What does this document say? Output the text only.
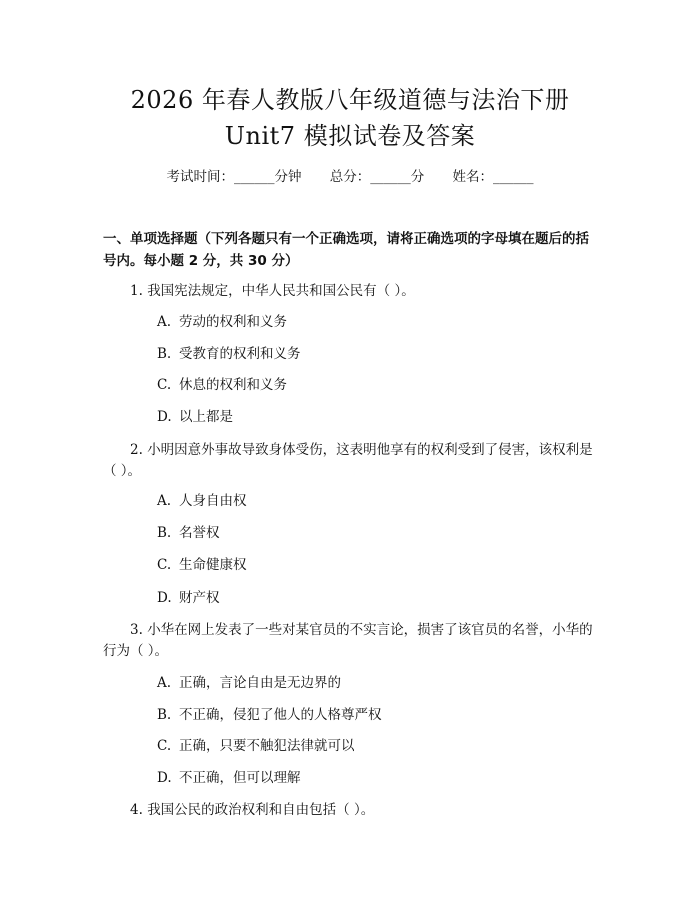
2026 年春人教版八年级道德与法治下册
Unit7 模拟试卷及答案
考试时间：______分钟 总分：______分 姓名：______
一、单项选择题（下列各题只有一个正确选项，请将正确选项的字母填在题后的括号内。每小题 2 分，共 30 分）
1. 我国宪法规定，中华人民共和国公民有（ ）。
A. 劳动的权利和义务
B. 受教育的权利和义务
C. 休息的权利和义务
D. 以上都是
2. 小明因意外事故导致身体受伤，这表明他享有的权利受到了侵害，该权利是（ ）。
A. 人身自由权
B. 名誉权
C. 生命健康权
D. 财产权
3. 小华在网上发表了一些对某官员的不实言论，损害了该官员的名誉，小华的行为（ ）。
A. 正确，言论自由是无边界的
B. 不正确，侵犯了他人的人格尊严权
C. 正确，只要不触犯法律就可以
D. 不正确，但可以理解
4. 我国公民的政治权利和自由包括（ ）。
